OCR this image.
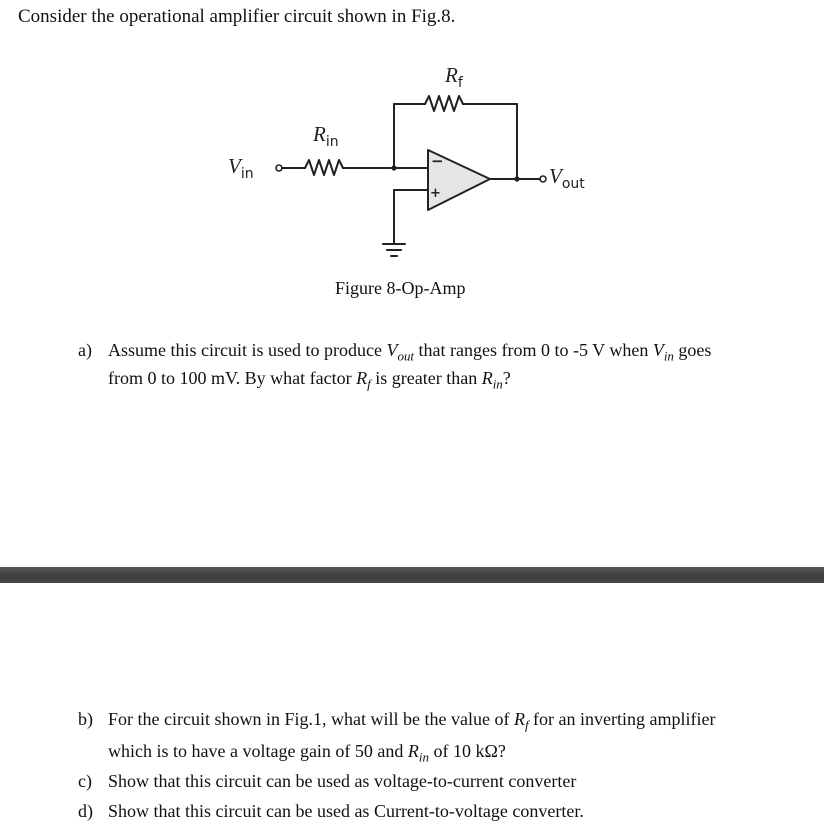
Consider the operational amplifier circuit shown in Fig.8.
−
+
$R_f$
$R_{in}$
$V_{in}$	$V_{out}$
Figure 8-Op-Amp
a) Assume this circuit is used to produce $V_{out}$ that ranges from 0 to -5 V when $V_{in}$ goes
from 0 to 100 mV. By what factor $R_f$ is greater than $R_{in}$?
b) For the circuit shown in Fig.1, what will be the value of $R_f$ for an inverting amplifier
which is to have a voltage gain of 50 and $R_{in}$ of 10 kΩ?
c) Show that this circuit can be used as voltage-to-current converter
d) Show that this circuit can be used as Current-to-voltage converter.
